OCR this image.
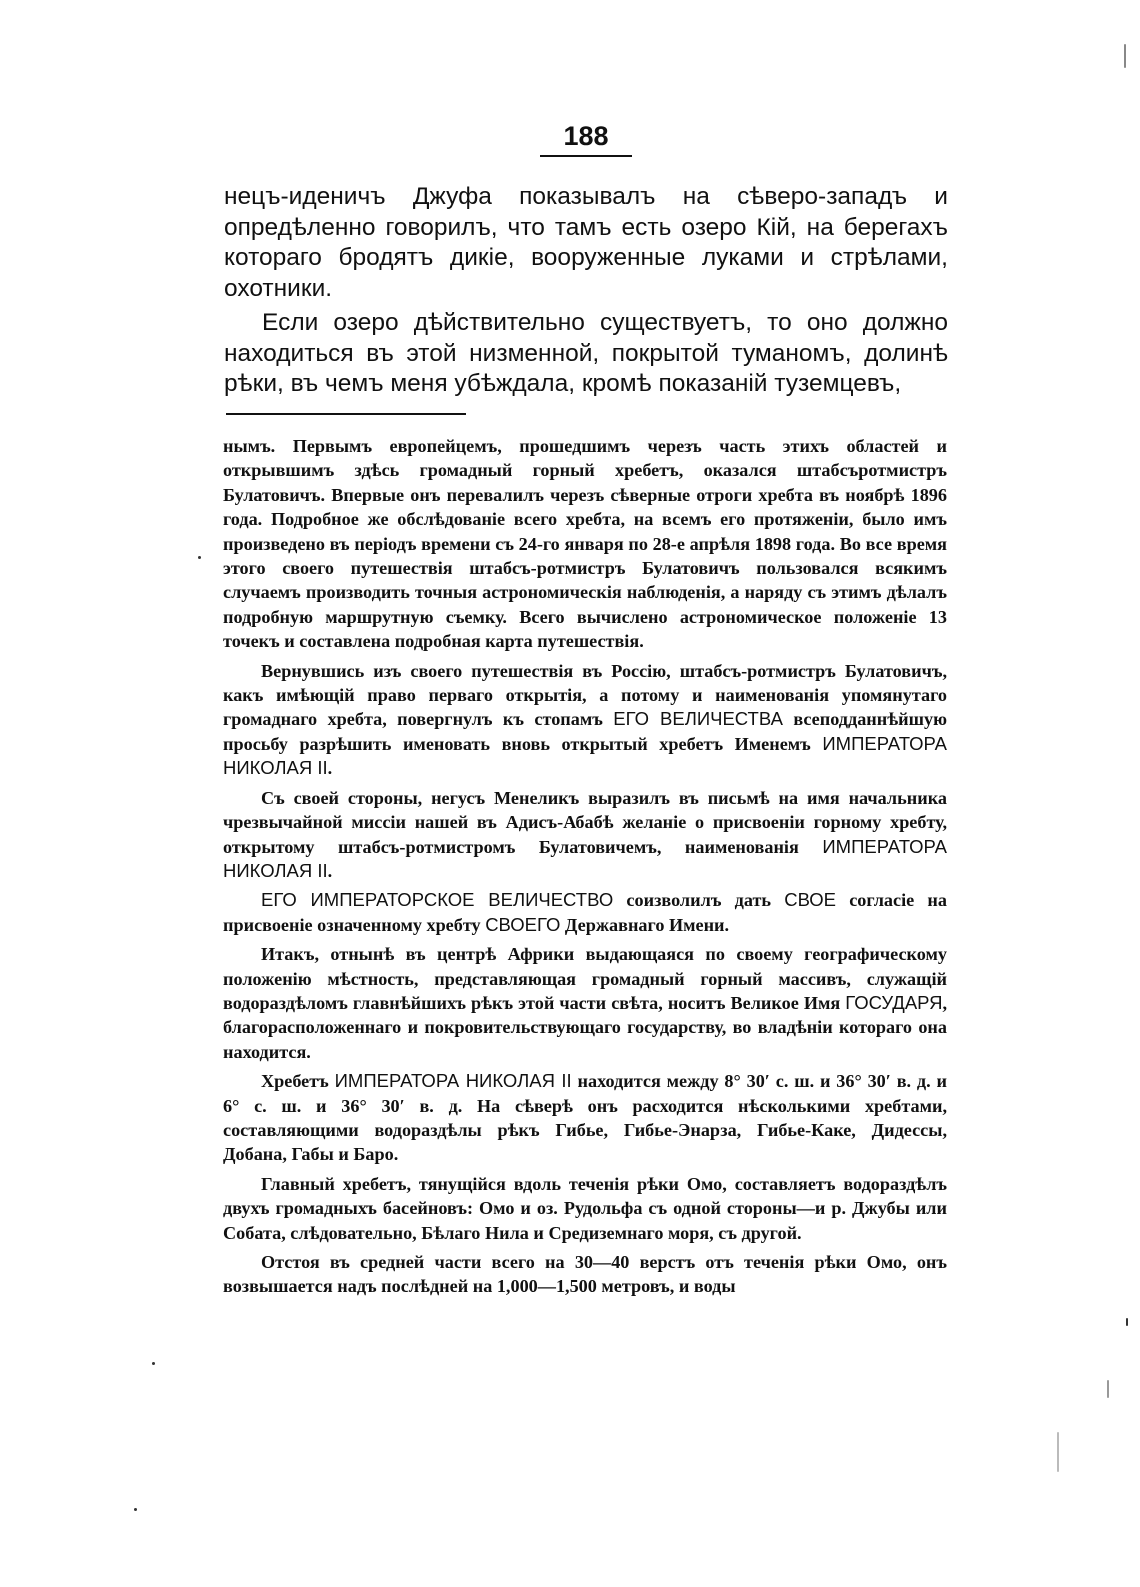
188

нецъ-иденичъ Джуфа показывалъ на сѣверо-западъ и опредѣленно говорилъ, что тамъ есть озеро Кій, на берегахъ котораго бродятъ дикіе, вооруженные луками и стрѣлами, охотники.

Если озеро дѣйствительно существуетъ, то оно должно находиться въ этой низменной, покрытой туманомъ, долинѣ рѣки, въ чемъ меня убѣждала, кромѣ показаній туземцевъ,

нымъ. Первымъ европейцемъ, прошедшимъ черезъ часть этихъ областей и открывшимъ здѣсь громадный горный хребетъ, оказался штабсъротмистръ Булатовичъ. Впервые онъ перевалилъ черезъ сѣверные отроги хребта въ ноябрѣ 1896 года. Подробное же обслѣдованіе всего хребта, на всемъ его протяженіи, было имъ произведено въ періодъ времени съ 24-го января по 28-е апрѣля 1898 года. Во все время этого своего путешествія штабсъ-ротмистръ Булатовичъ пользовался всякимъ случаемъ производить точныя астрономическія наблюденія, а наряду съ этимъ дѣлалъ подробную маршрутную съемку. Всего вычислено астрономическое положеніе 13 точекъ и составлена подробная карта путешествія.

Вернувшись изъ своего путешествія въ Россію, штабсъ-ротмистръ Булатовичъ, какъ имѣющій право перваго открытія, а потому и наименованія упомянутаго громаднаго хребта, повергнулъ къ стопамъ ЕГО ВЕЛИЧЕСТВА всеподданнѣйшую просьбу разрѣшить именовать вновь открытый хребетъ Именемъ ИМПЕРАТОРА НИКОЛАЯ II.

Съ своей стороны, негусъ Менеликъ выразилъ въ письмѣ на имя начальника чрезвычайной миссіи нашей въ Адисъ-Абабѣ желаніе о присвоеніи горному хребту, открытому штабсъ-ротмистромъ Булатовичемъ, наименованія ИМПЕРАТОРА НИКОЛАЯ II.

ЕГО ИМПЕРАТОРСКОЕ ВЕЛИЧЕСТВО соизволилъ дать СВОЕ согласіе на присвоеніе означенному хребту СВОЕГО Державнаго Имени.

Итакъ, отнынѣ въ центрѣ Африки выдающаяся по своему географическому положенію мѣстность, представляющая громадный горный массивъ, служащій водораздѣломъ главнѣйшихъ рѣкъ этой части свѣта, носитъ Великое Имя ГОСУДАРЯ, благорасположеннаго и покровительствующаго государству, во владѣніи котораго она находится.

Хребетъ ИМПЕРАТОРА НИКОЛАЯ II находится между 8° 30′ с. ш. и 36° 30′ в. д. и 6° с. ш. и 36° 30′ в. д. На сѣверѣ онъ расходится нѣсколькими хребтами, составляющими водораздѣлы рѣкъ Гибье, Гибье-Энарза, Гибье-Каке, Дидессы, Добана, Габы и Баро.

Главный хребетъ, тянущійся вдоль теченія рѣки Омо, составляетъ водораздѣлъ двухъ громадныхъ басейновъ: Омо и оз. Рудольфа съ одной стороны—и р. Джубы или Собата, слѣдовательно, Бѣлаго Нила и Средиземнаго моря, съ другой.

Отстоя въ средней части всего на 30—40 верстъ отъ теченія рѣки Омо, онъ возвышается надъ послѣдней на 1,000—1,500 метровъ, и воды
